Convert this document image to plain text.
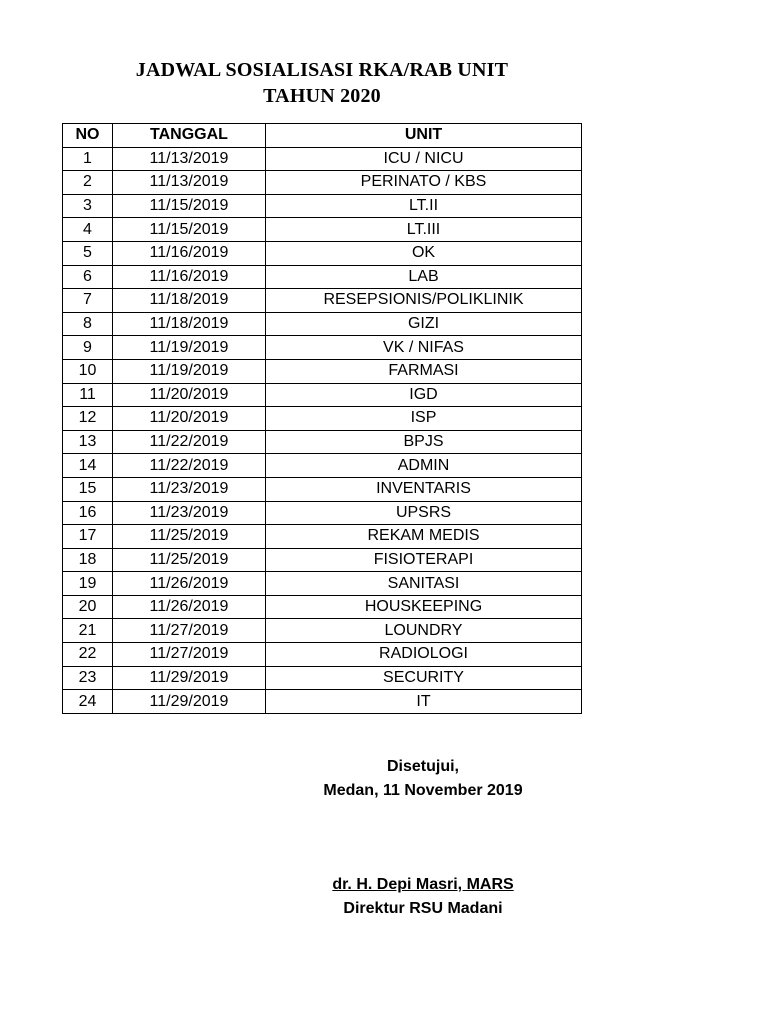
JADWAL SOSIALISASI RKA/RAB UNIT
TAHUN 2020
NO	TANGGAL	UNIT
1	11/13/2019	ICU / NICU
2	11/13/2019	PERINATO / KBS
3	11/15/2019	LT.II
4	11/15/2019	LT.III
5	11/16/2019	OK
6	11/16/2019	LAB
7	11/18/2019	RESEPSIONIS/POLIKLINIK
8	11/18/2019	GIZI
9	11/19/2019	VK / NIFAS
10	11/19/2019	FARMASI
11	11/20/2019	IGD
12	11/20/2019	ISP
13	11/22/2019	BPJS
14	11/22/2019	ADMIN
15	11/23/2019	INVENTARIS
16	11/23/2019	UPSRS
17	11/25/2019	REKAM MEDIS
18	11/25/2019	FISIOTERAPI
19	11/26/2019	SANITASI
20	11/26/2019	HOUSKEEPING
21	11/27/2019	LOUNDRY
22	11/27/2019	RADIOLOGI
23	11/29/2019	SECURITY
24	11/29/2019	IT

Disetujui,

Medan, 11 November 2019

dr. H. Depi Masri, MARS

Direktur RSU Madani
